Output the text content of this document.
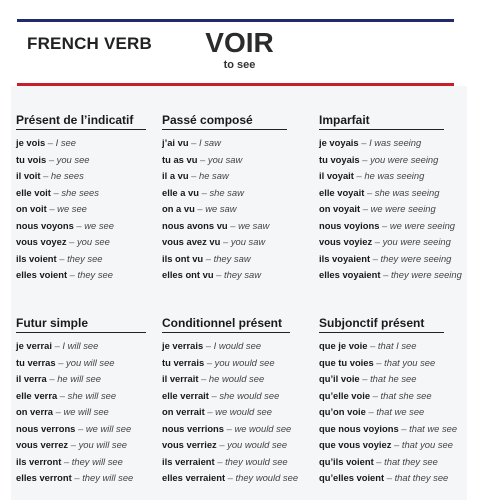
FRENCH VERB	VOIR
to see
Présent de l’indicatif
je vois – I see
tu vois – you see
il voit – he sees
elle voit – she sees
on voit – we see
nous voyons – we see
vous voyez – you see
ils voient – they see
elles voient – they see
Passé composé
j’ai vu – I saw
tu as vu – you saw
il a vu – he saw
elle a vu – she saw
on a vu – we saw
nous avons vu – we saw
vous avez vu – you saw
ils ont vu – they saw
elles ont vu – they saw
Imparfait
je voyais – I was seeing
tu voyais – you were seeing
il voyait – he was seeing
elle voyait – she was seeing
on voyait – we were seeing
nous voyions – we were seeing
vous voyiez – you were seeing
ils voyaient – they were seeing
elles voyaient – they were seeing
Futur simple
je verrai – I will see
tu verras – you will see
il verra – he will see
elle verra – she will see
on verra – we will see
nous verrons – we will see
vous verrez – you will see
ils verront – they will see
elles verront – they will see
Conditionnel présent
je verrais – I would see
tu verrais – you would see
il verrait – he would see
elle verrait – she would see
on verrait – we would see
nous verrions – we would see
vous verriez – you would see
ils verraient – they would see
elles verraient – they would see
Subjonctif présent
que je voie – that I see
que tu voies – that you see
qu’il voie – that he see
qu’elle voie – that she see
qu’on voie – that we see
que nous voyions – that we see
que vous voyiez – that you see
qu’ils voient – that they see
qu’elles voient – that they see
